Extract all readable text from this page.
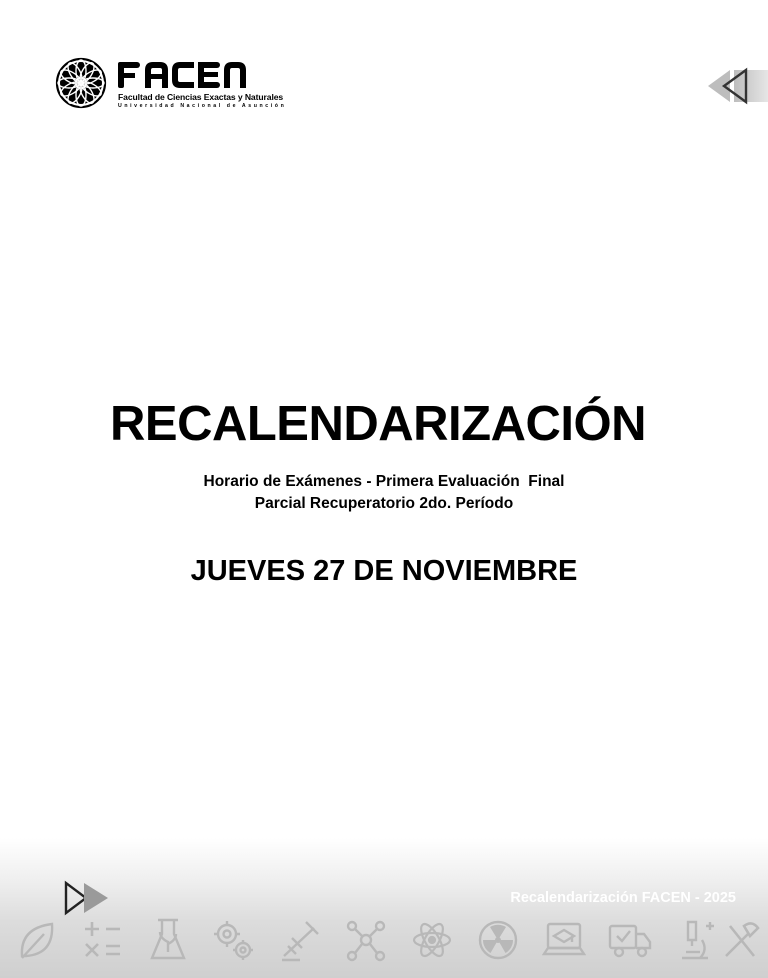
Facultad de Ciencias Exactas y Naturales
Universidad Nacional de Asunción
RECALENDARIZACIÓN
Horario de Exámenes - Primera Evaluación  Final
Parcial Recuperatorio 2do. Período
JUEVES 27 DE NOVIEMBRE
Recalendarización FACEN - 2025
